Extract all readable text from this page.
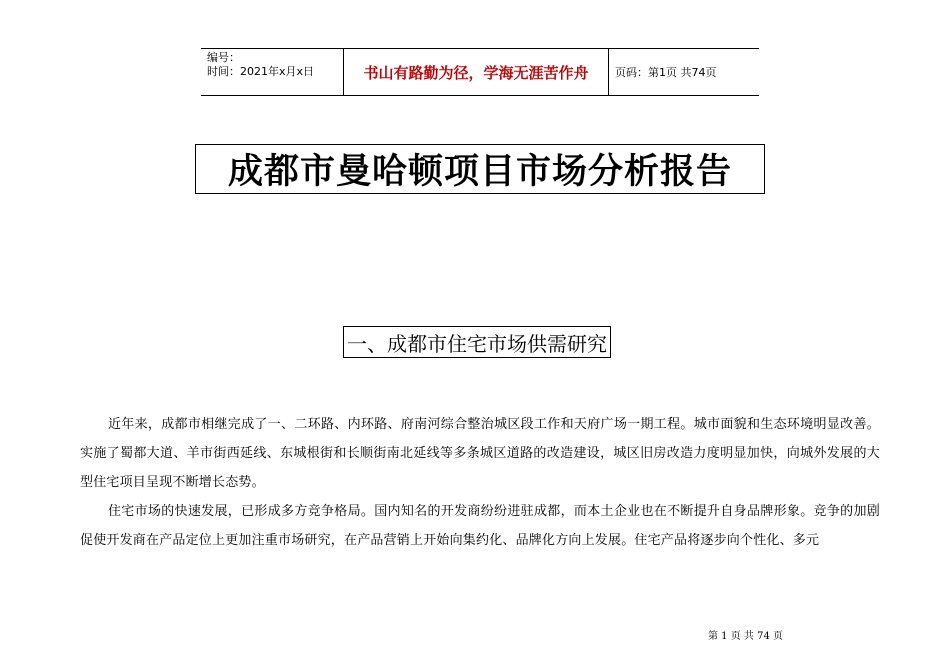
编号：
时间：2021年x月x日	书山有路勤为径，学海无涯苦作舟	页码：第1页 共74页
成都市曼哈顿项目市场分析报告
一、成都市住宅市场供需研究

近年来，成都市相继完成了一、二环路、内环路、府南河综合整治城区段工作和天府广场一期工程。城市面貌和生态环境明显改善。实施了蜀都大道、羊市街西延线、东城根街和长顺街南北延线等多条城区道路的改造建设，城区旧房改造力度明显加快，向城外发展的大型住宅项目呈现不断增长态势。

住宅市场的快速发展，已形成多方竞争格局。国内知名的开发商纷纷进驻成都，而本土企业也在不断提升自身品牌形象。竞争的加剧促使开发商在产品定位上更加注重市场研究，在产品营销上开始向集约化、品牌化方向上发展。住宅产品将逐步向个性化、多元

第 1 页 共 74 页
